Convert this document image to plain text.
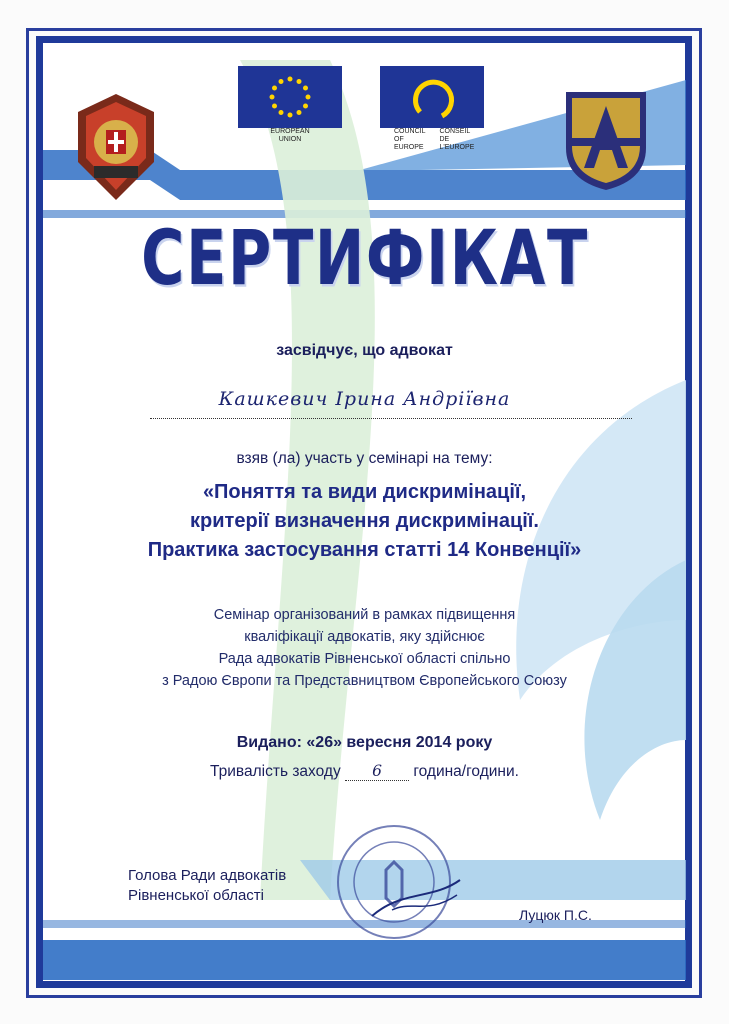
EUROPEAN
UNION
COUNCIL
OF EUROPE
CONSEIL
DE L'EUROPE
СЕРТИФІКАТ
засвідчує, що адвокат
Кашкевич Ірина Андріївна
взяв (ла) участь у семінарі на тему:
«Поняття та види дискримінації,
критерії визначення дискримінації.
Практика застосування статті 14 Конвенції»
Семінар організований в рамках підвищення
кваліфікації адвокатів, яку здійснює
Рада адвокатів Рівненської області спільно
з Радою Європи та Представництвом Європейського Союзу
Видано: «26» вересня 2014 року
Тривалість заходу 6 година/години.
Голова Ради адвокатів
Рівненської області
Луцюк П.С.
